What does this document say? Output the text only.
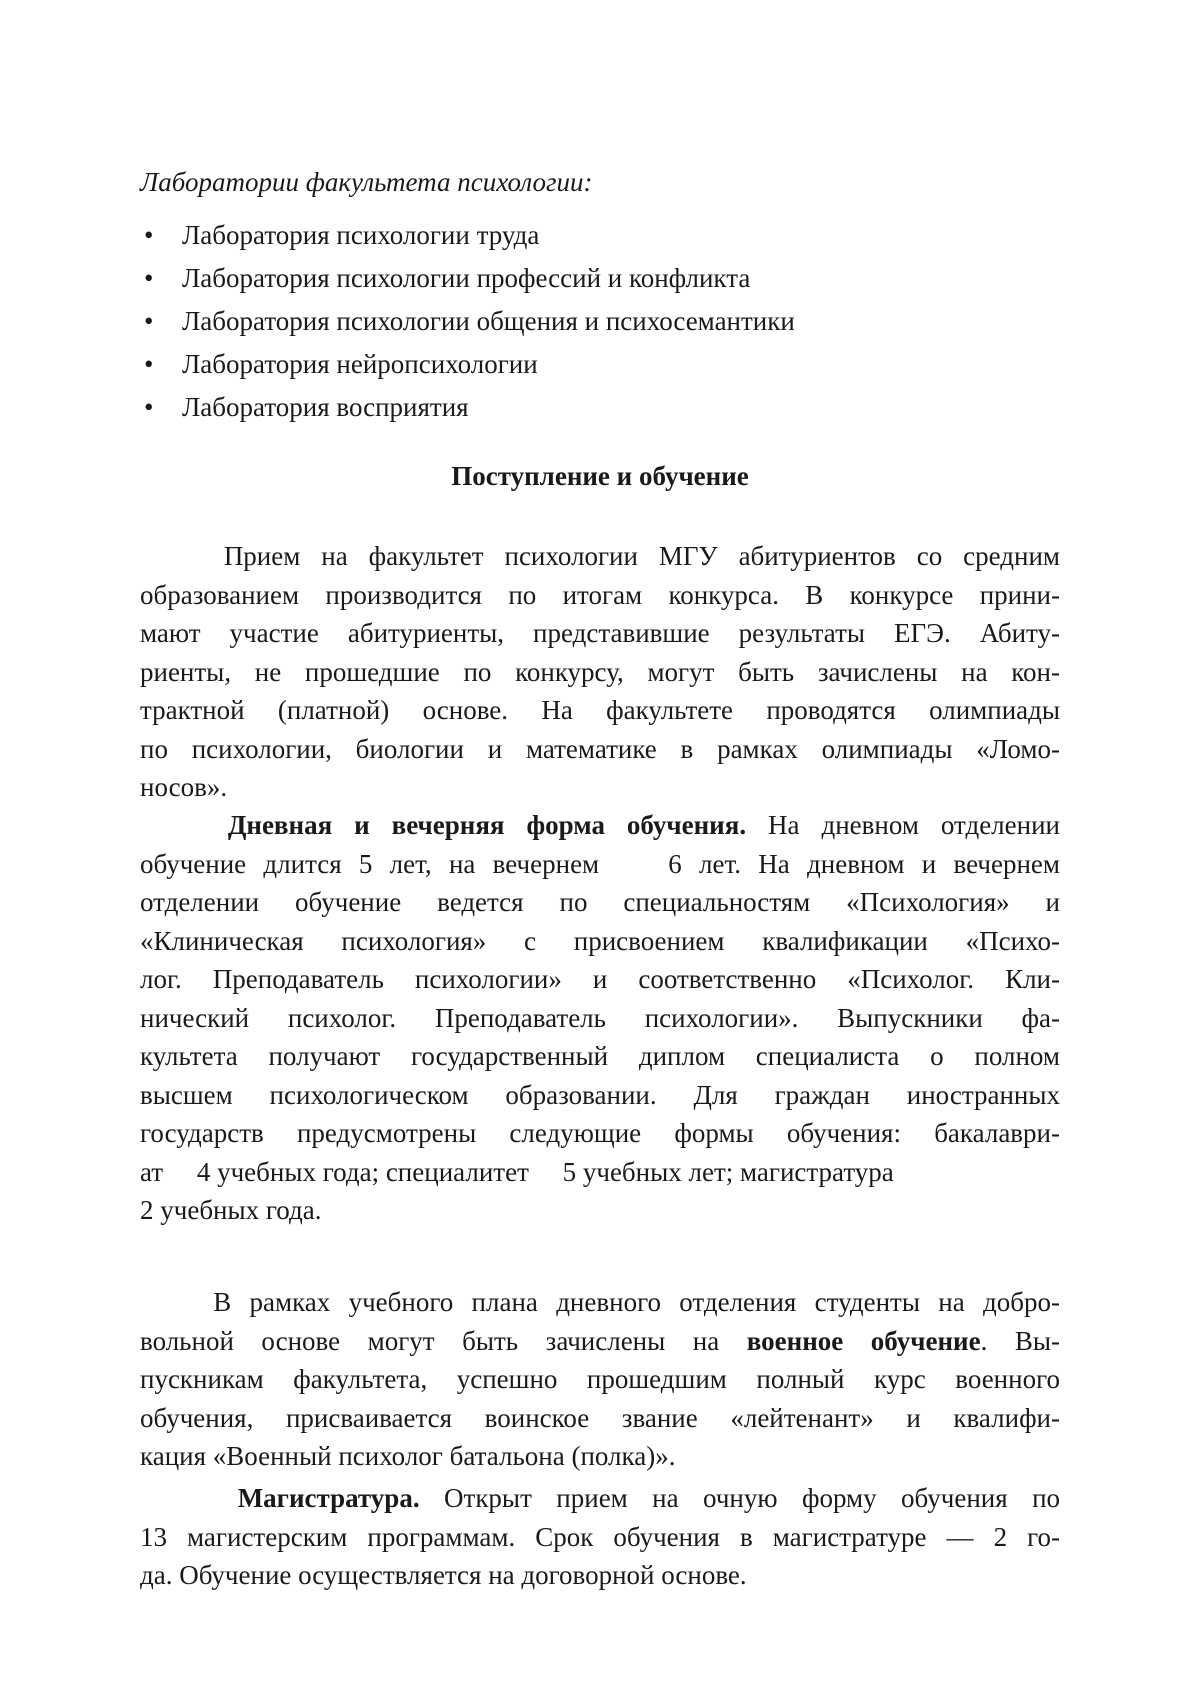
Лаборатории факультета психологии:
• Лаборатория психологии труда
• Лаборатория психологии профессий и конфликта
• Лаборатория психологии общения и психосемантики
• Лаборатория нейропсихологии
• Лаборатория восприятия
Поступление и обучение
Прием на факультет психологии МГУ абитуриентов со средним
образованием производится по итогам конкурса. В конкурсе прини-
мают участие абитуриенты, представившие результаты ЕГЭ. Абиту-
риенты, не прошедшие по конкурсу, могут быть зачислены на кон-
трактной (платной) основе. На факультете проводятся олимпиады
по психологии, биологии и математике в рамках олимпиады «Ломо-
носов».
Дневная и вечерняя форма обучения. На дневном отделении
обучение длится 5 лет, на вечернем    6 лет. На дневном и вечернем
отделении обучение ведется по специальностям «Психология» и
«Клиническая психология» с присвоением квалификации «Психо-
лог. Преподаватель психологии» и соответственно «Психолог. Кли-
нический психолог. Преподаватель психологии». Выпускники фа-
культета получают государственный диплом специалиста о полном
высшем психологическом образовании. Для граждан иностранных
государств предусмотрены следующие формы обучения: бакалаври-
ат     4 учебных года; специалитет     5 учебных лет; магистратура
2 учебных года.
В рамках учебного плана дневного отделения студенты на добро-
вольной основе могут быть зачислены на военное обучение. Вы-
пускникам факультета, успешно прошедшим полный курс военного
обучения, присваивается воинское звание «лейтенант» и квалифи-
кация «Военный психолог батальона (полка)».
Магистратура. Открыт прием на очную форму обучения по
13 магистерским программам. Срок обучения в магистратуре — 2 го-
да. Обучение осуществляется на договорной основе.
